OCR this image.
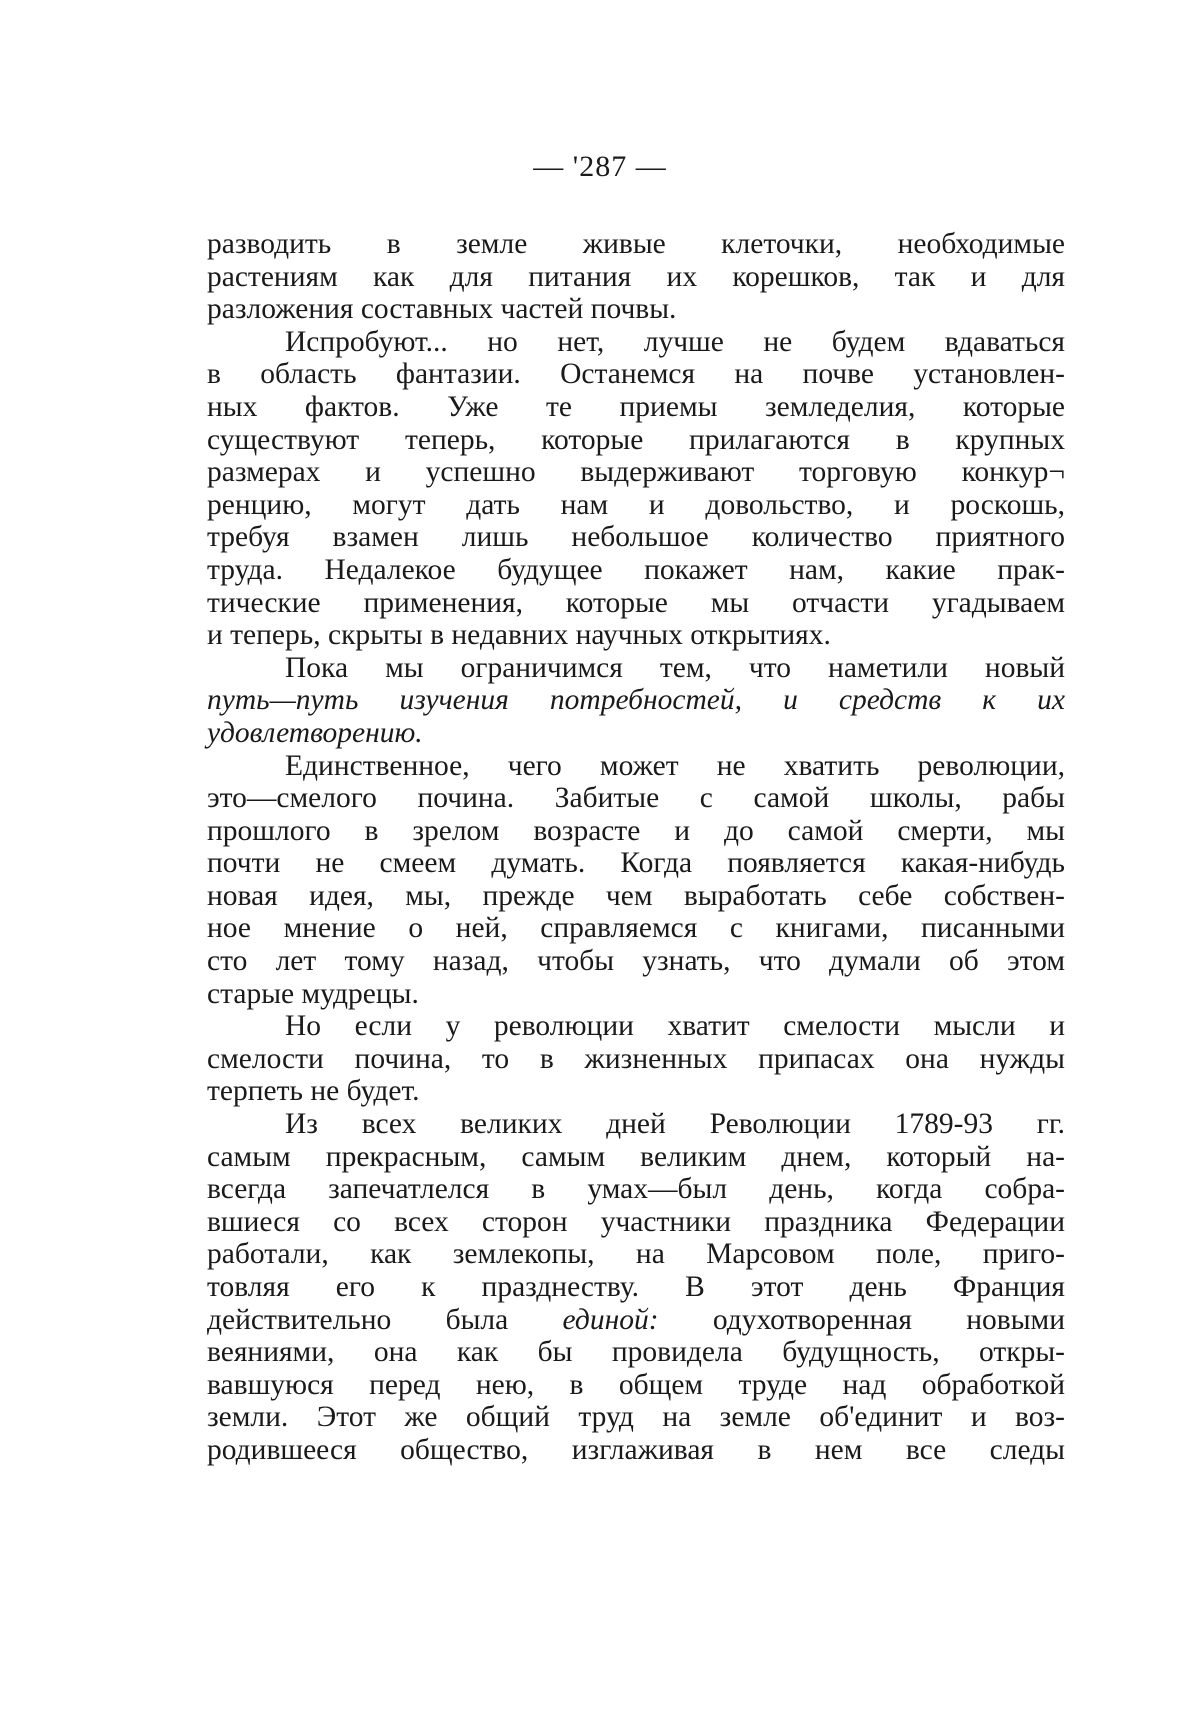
— '287 —
разводить в земле живые клеточки, необходимые
растениям как для питания их корешков, так и для
разложения составных частей почвы.
Испробуют... но нет, лучше не будем вдаваться
в область фантазии. Останемся на почве установлен-
ных фактов. Уже те приемы земледелия, которые
существуют теперь, которые прилагаются в крупных
размерах и успешно выдерживают торговую конкур¬
ренцию, могут дать нам и довольство, и роскошь,
требуя взамен лишь небольшое количество приятного
труда. Недалекое будущее покажет нам, какие прак-
тические применения, которые мы отчасти угадываем
и теперь, скрыты в недавних научных открытиях.
Пока мы ограничимся тем, что наметили новый
путь—путь изучения потребностей, и средств к их
удовлетворению.
Единственное, чего может не хватить революции,
это—смелого почина. Забитые с самой школы, рабы
прошлого в зрелом возрасте и до самой смерти, мы
почти не смеем думать. Когда появляется какая-нибудь
новая идея, мы, прежде чем выработать себе собствен-
ное мнение о ней, справляемся с книгами, писанными
сто лет тому назад, чтобы узнать, что думали об этом
старые мудрецы.
Но если у революции хватит смелости мысли и
смелости почина, то в жизненных припасах она нужды
терпеть не будет.
Из всех великих дней Революции 1789-93 гг.
самым прекрасным, самым великим днем, который на-
всегда запечатлелся в умах—был день, когда собра-
вшиеся со всех сторон участники праздника Федерации
работали, как землекопы, на Марсовом поле, приго-
товляя его к празднеству. В этот день Франция
действительно была единой: одухотворенная новыми
веяниями, она как бы провидела будущность, откры-
вавшуюся перед нею, в общем труде над обработкой
земли. Этот же общий труд на земле об'единит и воз-
родившееся общество, изглаживая в нем все следы
